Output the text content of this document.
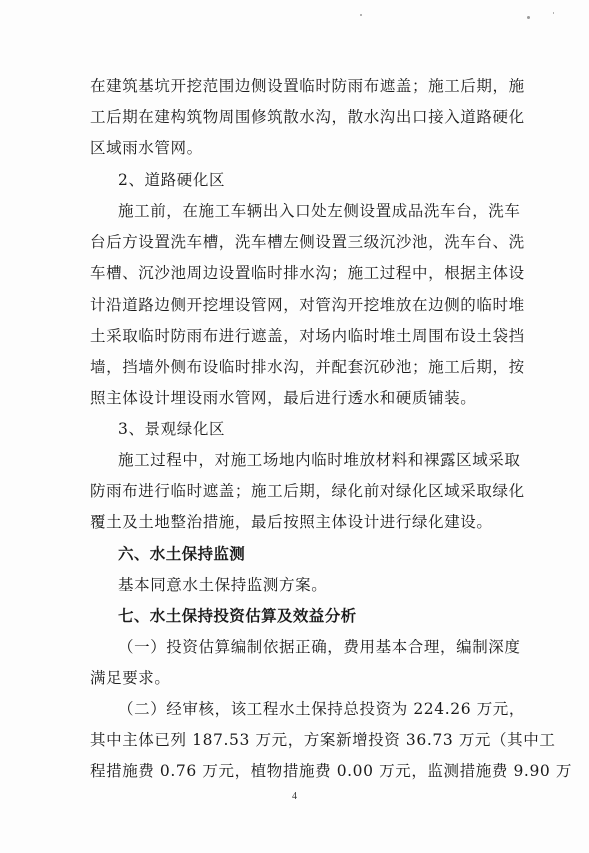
在建筑基坑开挖范围边侧设置临时防雨布遮盖；施工后期，施
工后期在建构筑物周围修筑散水沟，散水沟出口接入道路硬化
区域雨水管网。
2、道路硬化区
施工前，在施工车辆出入口处左侧设置成品洗车台，洗车
台后方设置洗车槽，洗车槽左侧设置三级沉沙池，洗车台、洗
车槽、沉沙池周边设置临时排水沟；施工过程中，根据主体设
计沿道路边侧开挖埋设管网，对管沟开挖堆放在边侧的临时堆
土采取临时防雨布进行遮盖，对场内临时堆土周围布设土袋挡
墙，挡墙外侧布设临时排水沟，并配套沉砂池；施工后期，按
照主体设计埋设雨水管网，最后进行透水和硬质铺装。
3、景观绿化区
施工过程中，对施工场地内临时堆放材料和裸露区域采取
防雨布进行临时遮盖；施工后期，绿化前对绿化区域采取绿化
覆土及土地整治措施，最后按照主体设计进行绿化建设。
六、水土保持监测
基本同意水土保持监测方案。
七、水土保持投资估算及效益分析
（一）投资估算编制依据正确，费用基本合理，编制深度
满足要求。
（二）经审核，该工程水土保持总投资为 224.26 万元，
其中主体已列 187.53 万元，方案新增投资 36.73 万元（其中工
程措施费 0.76 万元，植物措施费 0.00 万元，监测措施费 9.90 万
4
